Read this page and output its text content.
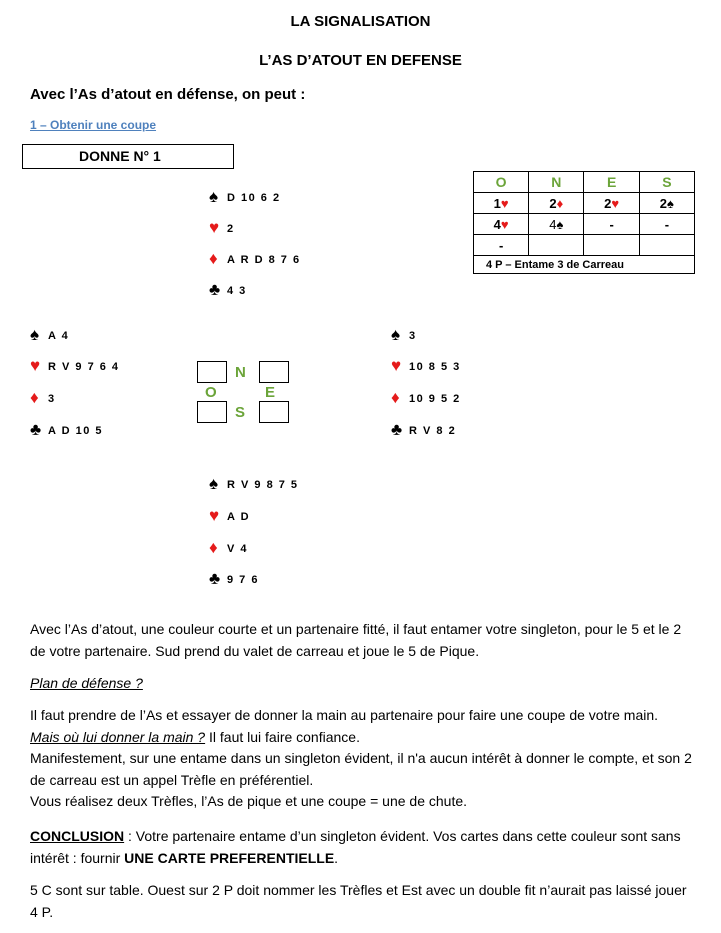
LA SIGNALISATION
L’AS D’ATOUT EN DEFENSE
Avec l’As d’atout en défense, on peut :
1 – Obtenir une coupe
DONNE N° 1
♠ D 10 6 2
♥ 2
♦ A R D 8 7 6
♣ 4 3
♠ A 4
♥ R V 9 7 6 4
♦ 3
♣ A D 10 5
♠ 3
♥ 10 8 5 3
♦ 10 9 5 2
♣ R V 8 2
♠ R V 9 8 7 5
♥ A D
♦ V 4
♣ 9 7 6
N
S
O	E
O	N	E	S
1♥	2♦	2♥	2♠
4♥	4♠	-	-
-			
4 P – Entame 3 de Carreau			
Avec l’As d’atout, une couleur courte et un partenaire fitté, il faut entamer votre singleton, pour le 5 et le 2 de votre partenaire. Sud prend du valet de carreau et joue le 5 de Pique.
Plan de défense ?
Il faut prendre de l’As et essayer de donner la main au partenaire pour faire une coupe de votre main.
Mais où lui donner la main ? Il faut lui faire confiance.
Manifestement, sur une entame dans un singleton évident, il n'a aucun intérêt à donner le compte, et son 2 de carreau est un appel Trèfle en préférentiel.
Vous réalisez deux Trèfles, l’As de pique et une coupe = une de chute.
CONCLUSION : Votre partenaire entame d’un singleton évident. Vos cartes dans cette couleur sont sans intérêt : fournir UNE CARTE PREFERENTIELLE.
5 C sont sur table. Ouest sur 2 P doit nommer les Trèfles et Est avec un double fit n’aurait pas laissé jouer 4 P.
